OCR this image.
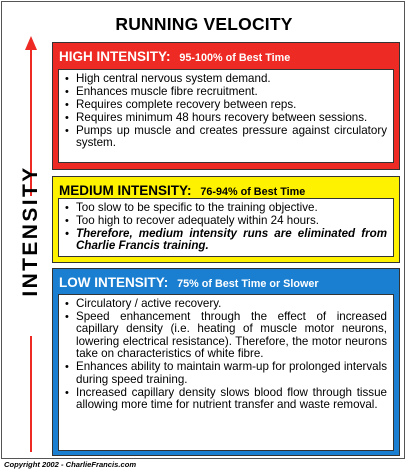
RUNNING VELOCITY
INTENSITY
HIGH INTENSITY: 95-100% of Best Time
• High central nervous system demand.
• Enhances muscle fibre recruitment.
• Requires complete recovery between reps.
• Requires minimum 48 hours recovery between sessions.
• Pumps up muscle and creates pressure against circulatory system.
MEDIUM INTENSITY: 76-94% of Best Time
• Too slow to be specific to the training objective.
• Too high to recover adequately within 24 hours.
• Therefore, medium intensity runs are eliminated from Charlie Francis training.
LOW INTENSITY: 75% of Best Time or Slower
• Circulatory / active recovery.
• Speed enhancement through the effect of increased capillary density (i.e. heating of muscle motor neurons, lowering electrical resistance). Therefore, the motor neurons take on characteristics of white fibre.
• Enhances ability to maintain warm-up for prolonged intervals during speed training.
• Increased capillary density slows blood flow through tissue allowing more time for nutrient transfer and waste removal.
Copyright 2002 - CharlieFrancis.com
